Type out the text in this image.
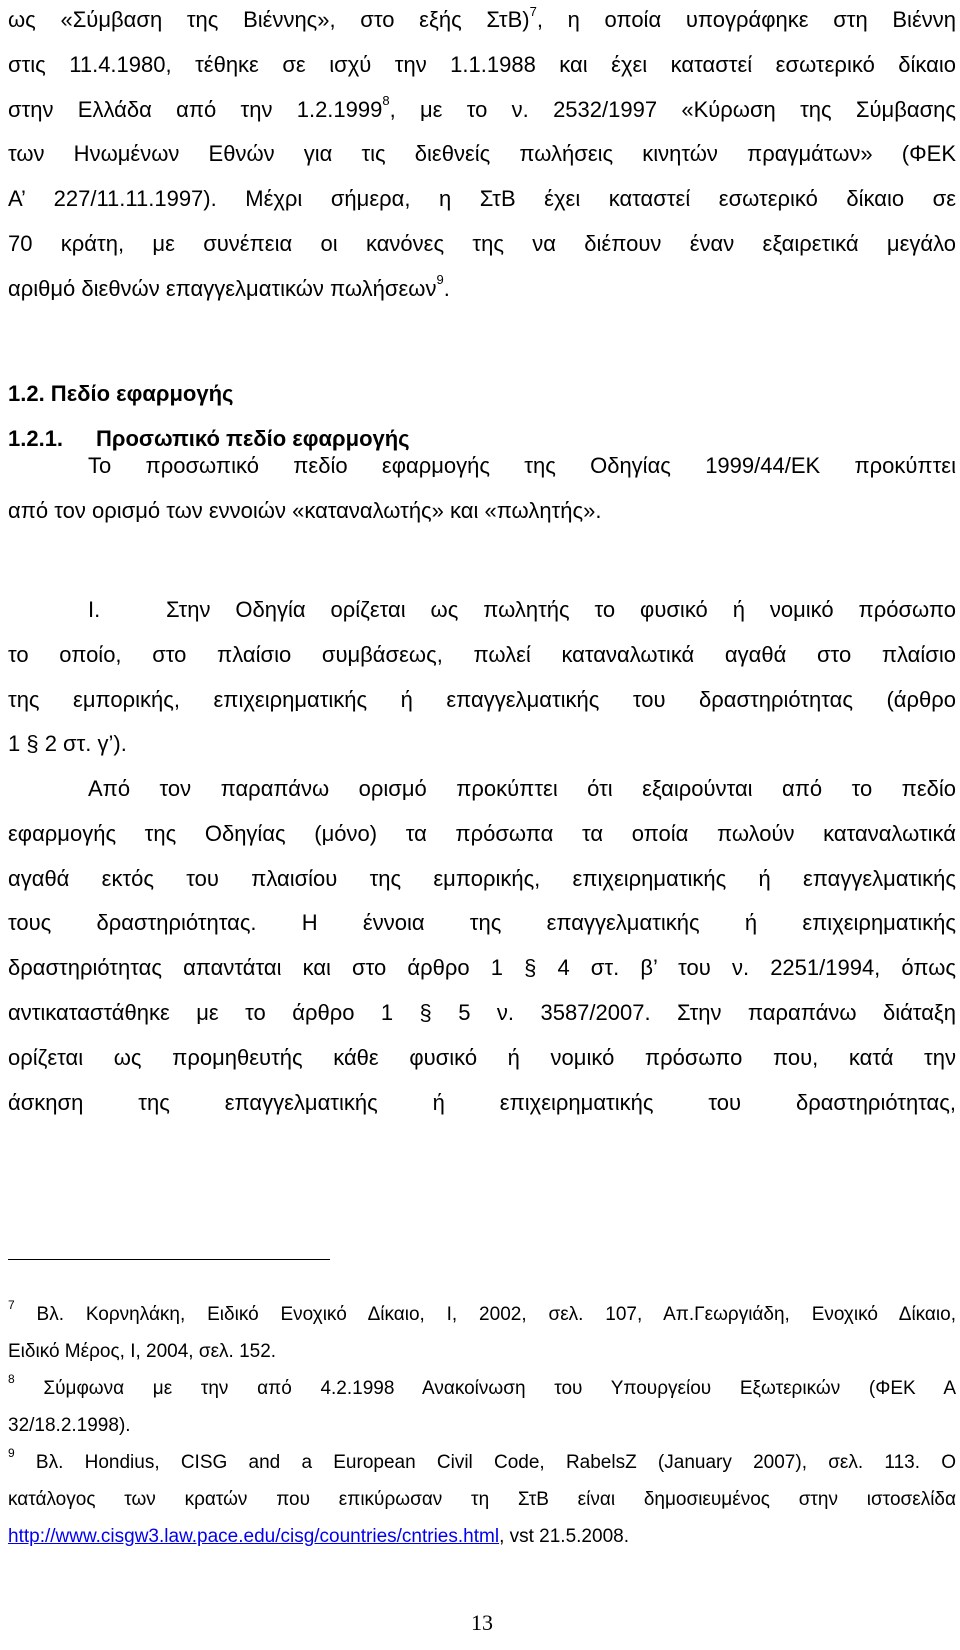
ως «Σύμβαση της Βιέννης», στο εξής ΣτΒ)$^7$, η οποία υπογράφηκε στη Βιέννη
στις 11.4.1980, τέθηκε σε ισχύ την 1.1.1988 και έχει καταστεί εσωτερικό δίκαιο
στην Ελλάδα από την 1.2.1999$^8$, με το ν. 2532/1997 «Κύρωση της Σύμβασης
των Ηνωμένων Εθνών για τις διεθνείς πωλήσεις κινητών πραγμάτων» (ΦΕΚ
Α’ 227/11.11.1997). Μέχρι σήμερα, η ΣτΒ έχει καταστεί εσωτερικό δίκαιο σε
70 κράτη, με συνέπεια οι κανόνες της να διέπουν έναν εξαιρετικά μεγάλο
αριθμό διεθνών επαγγελματικών πωλήσεων$^9$.
1.2. Πεδίο εφαρμογής
1.2.1. Προσωπικό πεδίο εφαρμογής
Το προσωπικό πεδίο εφαρμογής της Οδηγίας 1999/44/ΕΚ προκύπτει
από τον ορισμό των εννοιών «καταναλωτής» και «πωλητής».
I.	Στην Οδηγία ορίζεται ως πωλητής το φυσικό ή νομικό πρόσωπο
το οποίο, στο πλαίσιο συμβάσεως, πωλεί καταναλωτικά αγαθά στο πλαίσιο
της εμπορικής, επιχειρηματικής ή επαγγελματικής του δραστηριότητας (άρθρο
1 § 2 στ. γ’).
Από τον παραπάνω ορισμό προκύπτει ότι εξαιρούνται από το πεδίο
εφαρμογής της Οδηγίας (μόνο) τα πρόσωπα τα οποία πωλούν καταναλωτικά
αγαθά εκτός του πλαισίου της εμπορικής, επιχειρηματικής ή επαγγελματικής
τους δραστηριότητας. Η έννοια της επαγγελματικής ή επιχειρηματικής
δραστηριότητας απαντάται και στο άρθρο 1 § 4 στ. β’ του ν. 2251/1994, όπως
αντικαταστάθηκε με το άρθρο 1 § 5 ν. 3587/2007. Στην παραπάνω διάταξη
ορίζεται ως προμηθευτής κάθε φυσικό ή νομικό πρόσωπο που, κατά την
άσκηση της επαγγελματικής ή επιχειρηματικής του δραστηριότητας,
$^7$ Βλ. Κορνηλάκη, Ειδικό Ενοχικό Δίκαιο, Ι, 2002, σελ. 107, Απ.Γεωργιάδη, Ενοχικό Δίκαιο,
Ειδικό Μέρος, Ι, 2004, σελ. 152.
$^8$ Σύμφωνα με την από 4.2.1998 Ανακοίνωση του Υπουργείου Εξωτερικών (ΦΕΚ Α
32/18.2.1998).
$^9$ Βλ. Hondius, CISG and a European Civil Code, RabelsZ (January 2007), σελ. 113. Ο
κατάλογος των κρατών που επικύρωσαν τη ΣτΒ είναι δημοσιευμένος στην ιστοσελίδα
http://www.cisgw3.law.pace.edu/cisg/countries/cntries.html, vst 21.5.2008.
13
